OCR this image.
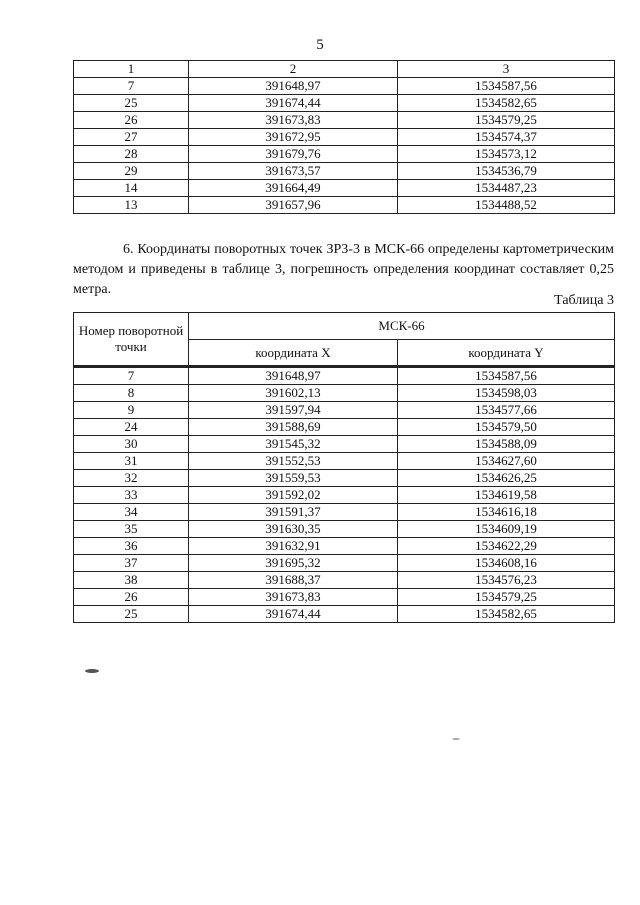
5
1	2	3
7	391648,97	1534587,56
25	391674,44	1534582,65
26	391673,83	1534579,25
27	391672,95	1534574,37
28	391679,76	1534573,12
29	391673,57	1534536,79
14	391664,49	1534487,23
13	391657,96	1534488,52
6. Координаты поворотных точек ЗР3-3 в МСК-66 определены картометрическим методом и приведены в таблице 3, погрешность определения координат составляет 0,25 метра.
Таблица 3
Номер поворотной точки	МСК-66	
	координата X	координата Y

7	391648,97	1534587,56
8	391602,13	1534598,03
9	391597,94	1534577,66
24	391588,69	1534579,50
30	391545,32	1534588,09
31	391552,53	1534627,60
32	391559,53	1534626,25
33	391592,02	1534619,58
34	391591,37	1534616,18
35	391630,35	1534609,19
36	391632,91	1534622,29
37	391695,32	1534608,16
38	391688,37	1534576,23
26	391673,83	1534579,25
25	391674,44	1534582,65
